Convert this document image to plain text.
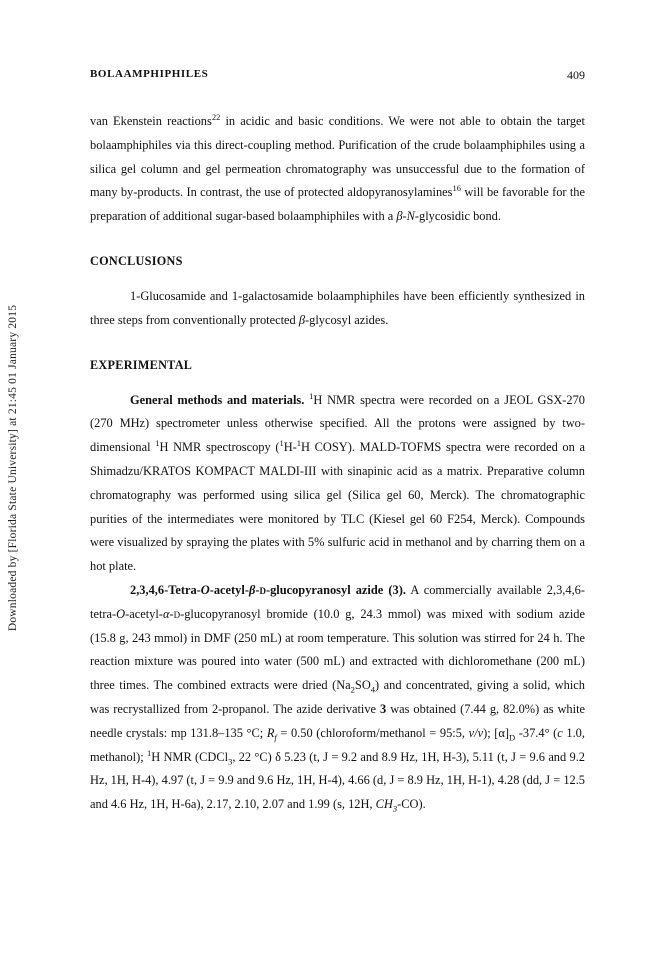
Downloaded by [Florida State University] at 21:45 01 January 2015
BOLAAMPHIPHILES	409

van Ekenstein reactions$^{22}$ in acidic and basic conditions. We were not able to obtain the target bolaamphiphiles via this direct-coupling method. Purification of the crude bolaamphiphiles using a silica gel column and gel permeation chromatography was unsuccessful due to the formation of many by-products. In contrast, the use of protected aldopyranosylamines$^{16}$ will be favorable for the preparation of additional sugar-based bolaamphiphiles with a β-N-glycosidic bond.

CONCLUSIONS

1-Glucosamide and 1-galactosamide bolaamphiphiles have been efficiently synthesized in three steps from conventionally protected β-glycosyl azides.

EXPERIMENTAL

General methods and materials. $^1$H NMR spectra were recorded on a JEOL GSX-270 (270 MHz) spectrometer unless otherwise specified. All the protons were assigned by two-dimensional $^1$H NMR spectroscopy ($^1$H-$^1$H COSY). MALD-TOFMS spectra were recorded on a Shimadzu/KRATOS KOMPACT MALDI-III with sinapinic acid as a matrix. Preparative column chromatography was performed using silica gel (Silica gel 60, Merck). The chromatographic purities of the intermediates were monitored by TLC (Kiesel gel 60 F254, Merck). Compounds were visualized by spraying the plates with 5% sulfuric acid in methanol and by charring them on a hot plate.

2,3,4,6-Tetra-O-acetyl-β-d-glucopyranosyl azide (3). A commercially available 2,3,4,6-tetra-O-acetyl-α-d-glucopyranosyl bromide (10.0 g, 24.3 mmol) was mixed with sodium azide (15.8 g, 243 mmol) in DMF (250 mL) at room temperature. This solution was stirred for 24 h. The reaction mixture was poured into water (500 mL) and extracted with dichloromethane (200 mL) three times. The combined extracts were dried $(Na_2SO_4)$ and concentrated, giving a solid, which was recrystallized from 2-propanol. The azide derivative 3 was obtained (7.44 g, 82.0%) as white needle crystals: mp 131.8–135 °C; $R_f = 0.50$ (chloroform/methanol = 95:5, v/v); $[\alpha]_D$ -37.4° (c 1.0, methanol); $^1$H NMR (CDCl$_3$, 22 °C) δ 5.23 (t, J = 9.2 and 8.9 Hz, 1H, H-3), 5.11 (t, J = 9.6 and 9.2 Hz, 1H, H-4), 4.97 (t, J = 9.9 and 9.6 Hz, 1H, H-4), 4.66 (d, J = 8.9 Hz, 1H, H-1), 4.28 (dd, J = 12.5 and 4.6 Hz, 1H, H-6a), 2.17, 2.10, 2.07 and 1.99 (s, 12H, $CH_3-CO$).
